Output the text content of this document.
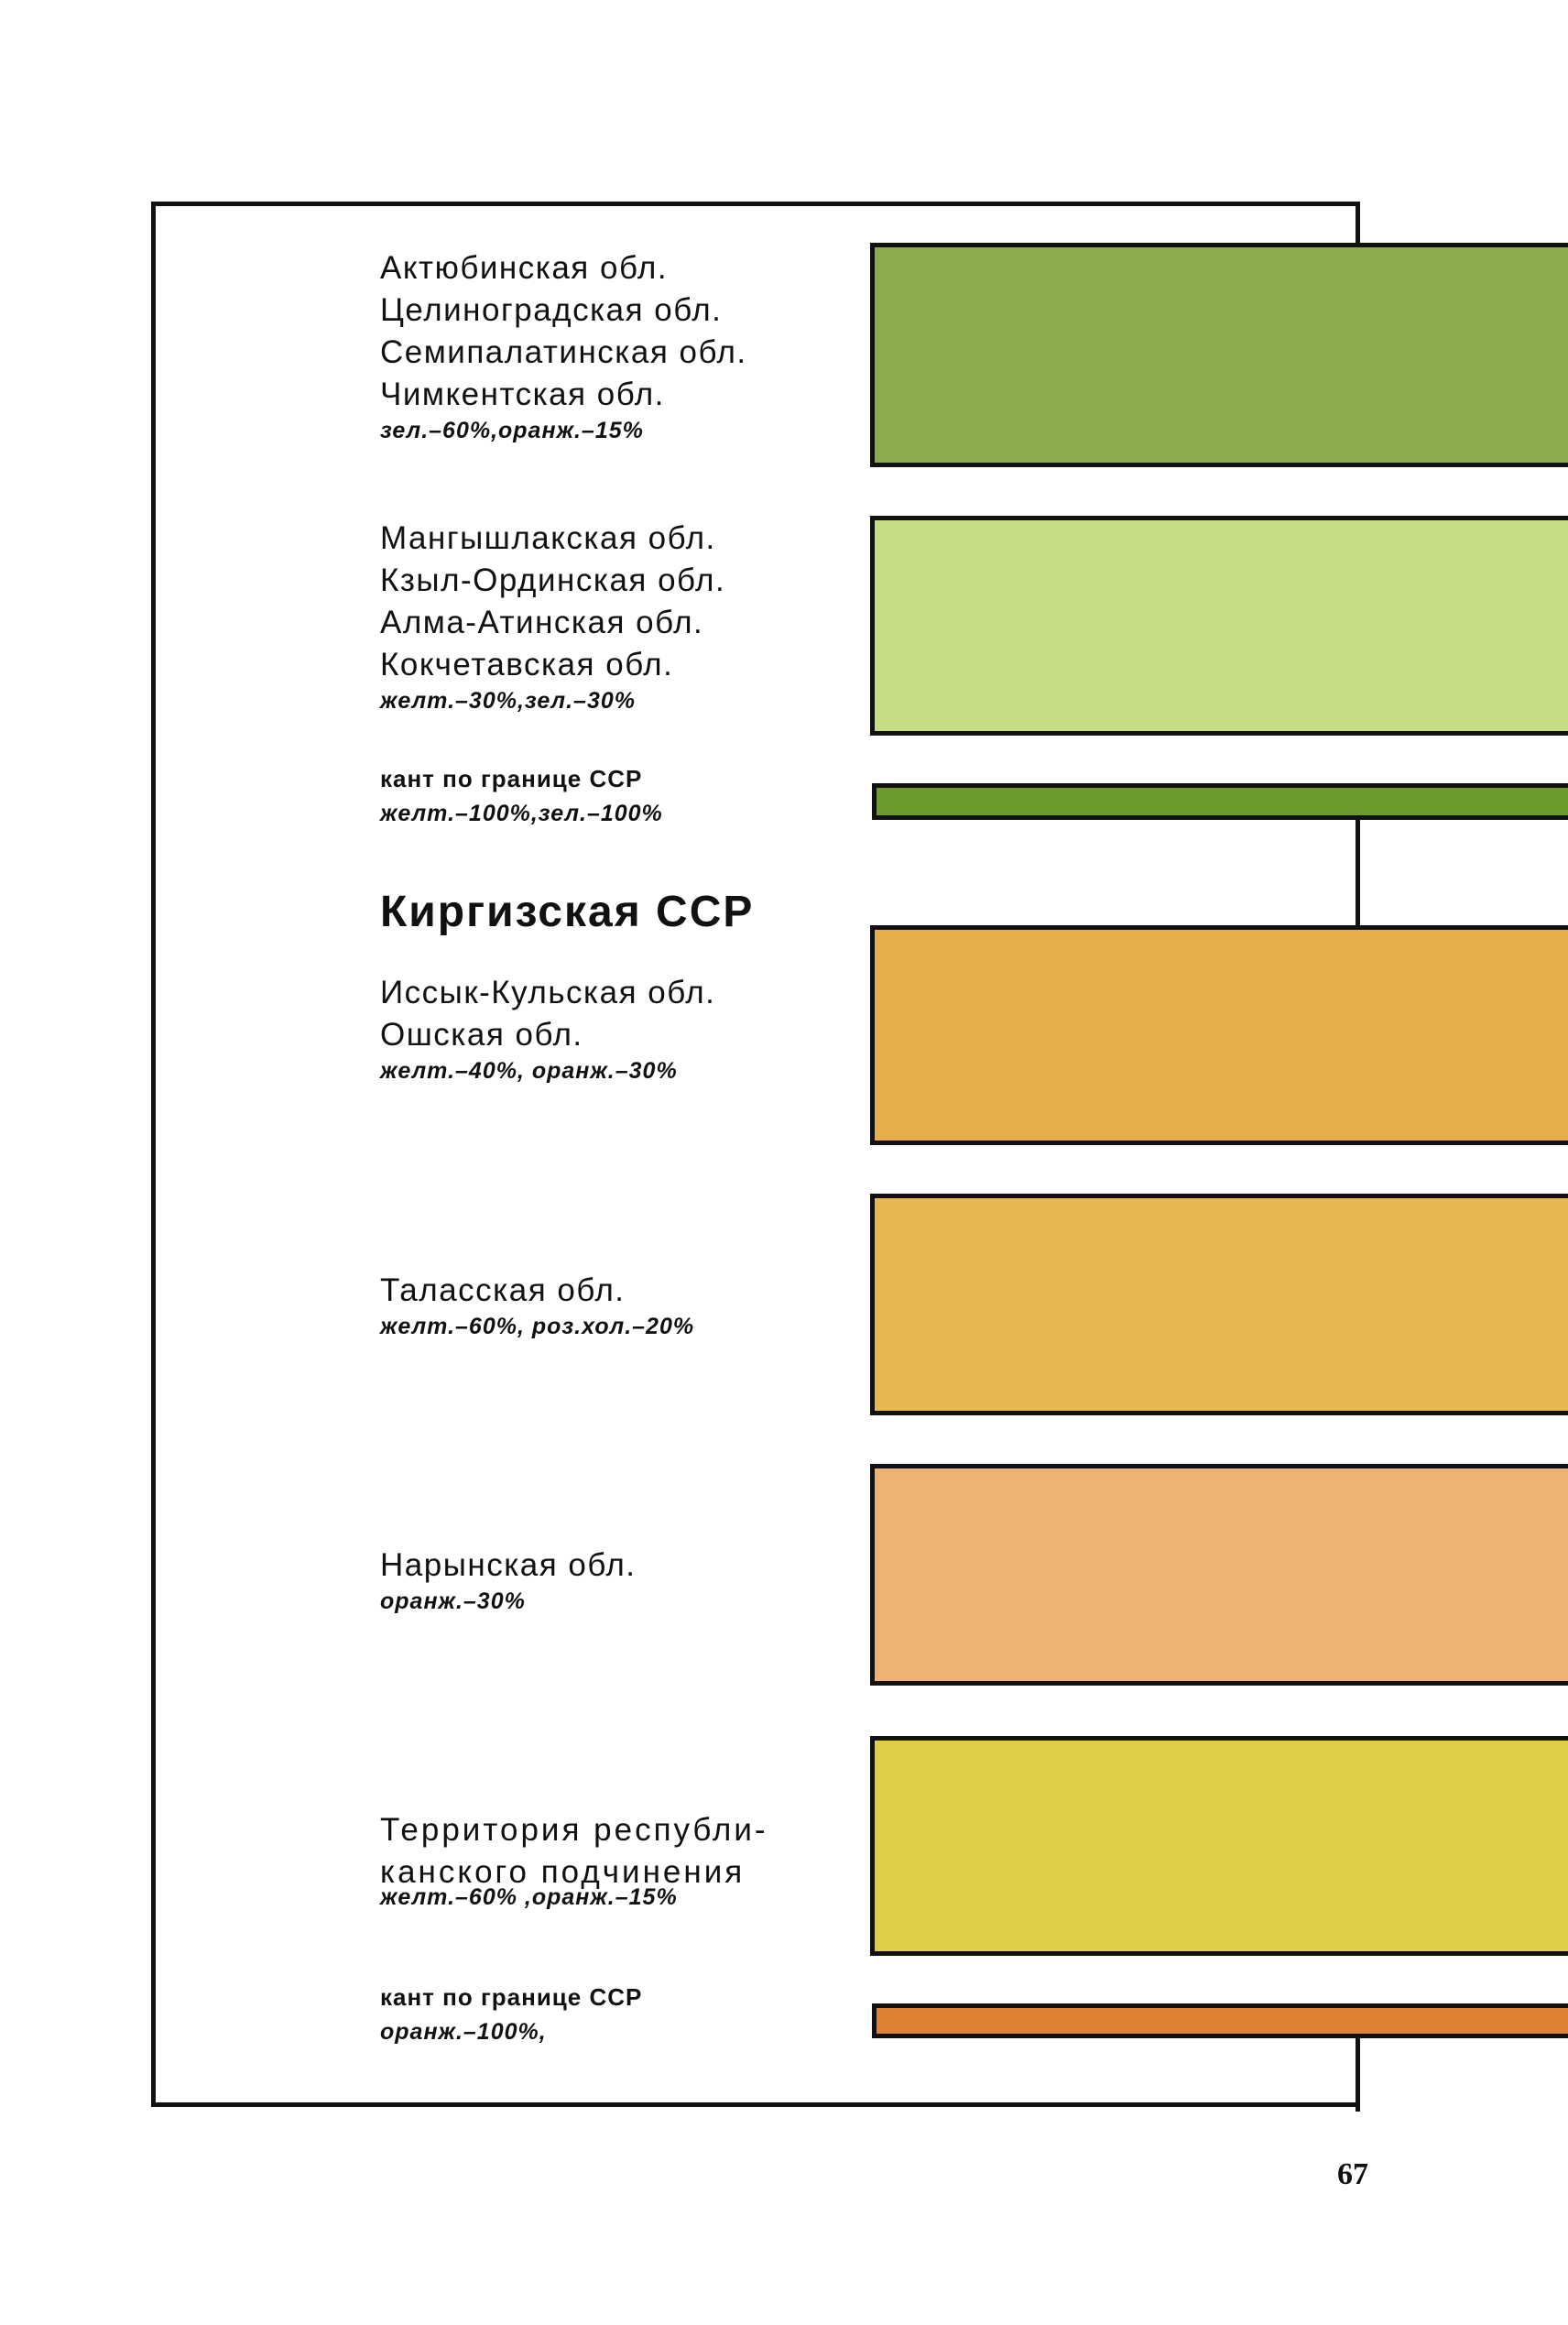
Актюбинская обл.
Целиноградская обл.
Семипалатинская обл.
Чимкентская обл.
зел.–60%,оранж.–15%
Мангышлакская обл.
Кзыл-Ординская обл.
Алма-Атинская обл.
Кокчетавская обл.
желт.–30%,зел.–30%
кант по границе ССР
желт.–100%,зел.–100%
Киргизская ССР
Иссык-Кульская обл.
Ошская обл.
желт.–40%, оранж.–30%
Таласская обл.
желт.–60%, роз.хол.–20%
Нарынская обл.
оранж.–30%
Территория республи-
канского подчинения
желт.–60% ,оранж.–15%
кант по границе ССР
оранж.–100%,
67
